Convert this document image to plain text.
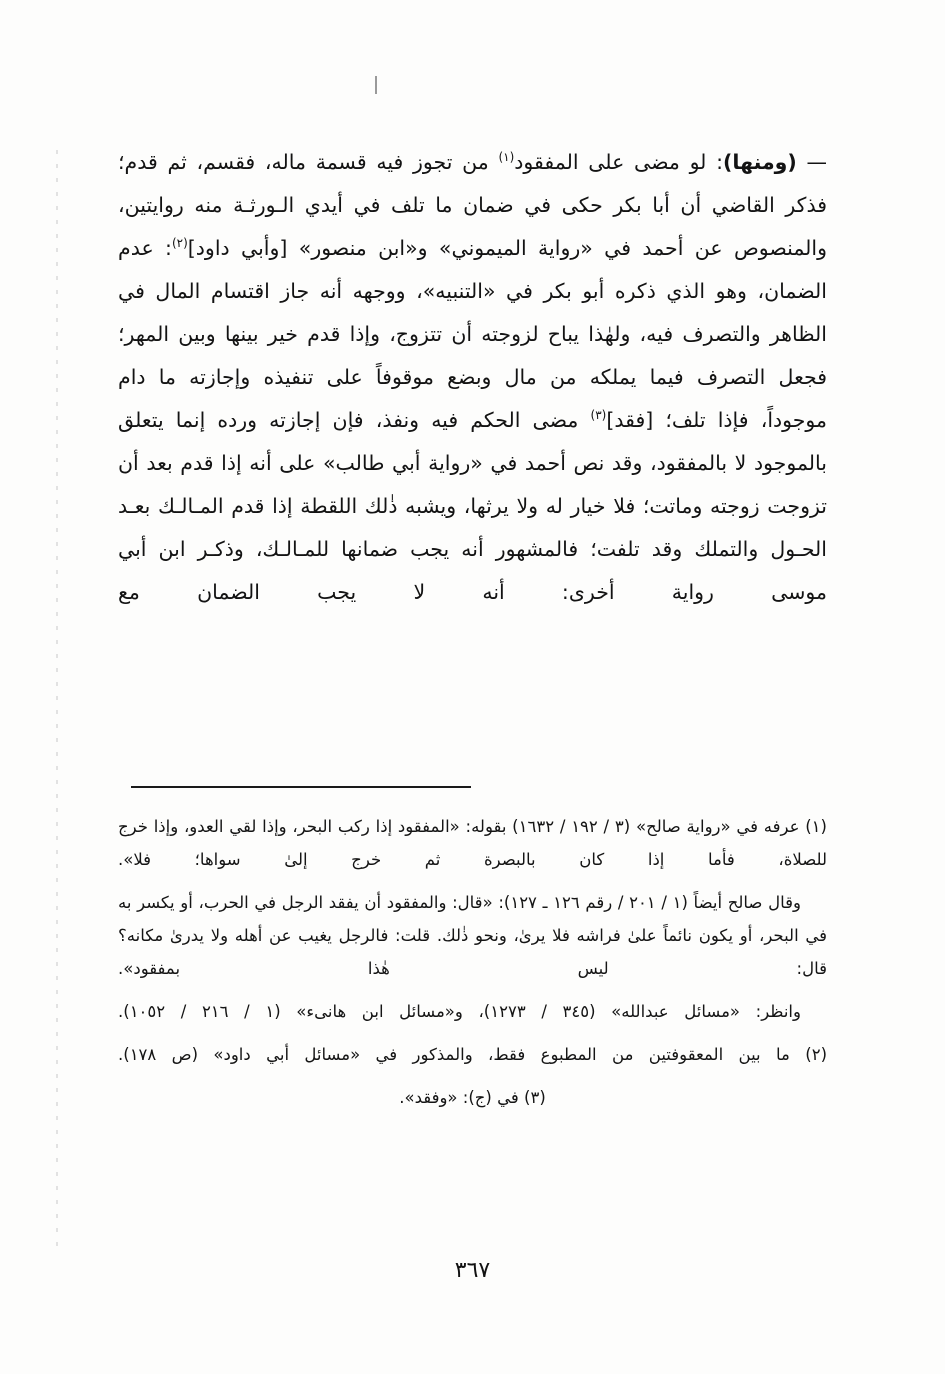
‏—‏ (ومنها): لو مضى على المفقود$^{(١)}$ من تجوز فيه قسمة ماله، فقسم، ثم قدم؛ فذكر القاضي أن أبا بكر حكى في ضمان ما تلف في أيدي الـورثـة منه روايتين، والمنصوص عن أحمد في «رواية الميموني» و«ابن منصور» [وأبي داود]$^{(٢)}$: عدم الضمان، وهو الذي ذكره أبو بكر في «التنبيه»، ووجهه أنه جاز اقتسام المال في الظاهر والتصرف فيه، ولهٰذا يباح لزوجته أن تتزوج، وإذا قدم خير بينها وبين المهر؛ فجعل التصرف فيما يملكه من مال وبضع موقوفاً على تنفيذه وإجازته ما دام موجوداً، فإذا تلف؛ [فقد]$^{(٣)}$ مضى الحكم فيه ونفذ، فإن إجازته ورده إنما يتعلق بالموجود لا بالمفقود، وقد نص أحمد في «رواية أبي طالب» على أنه إذا قدم بعد أن تزوجت زوجته وماتت؛ فلا خيار له ولا يرثها، ويشبه ذٰلك اللقطة إذا قدم المـالـك بعـد الحـول والتملك وقد تلفت؛ فالمشهور أنه يجب ضمانها للمـالـك، وذكـر ابن أبي موسى رواية أخرى: أنه لا يجب الضمان مع

(١) عرفه في «رواية صالح» (٣ / ١٩٢ / ١٦٣٢) بقوله: «المفقود إذا ركب البحر، وإذا لقي العدو، وإذا خرج للصلاة، فأما إذا كان بالبصرة ثم خرج إلىٰ سواها؛ فلا».

وقال صالح أيضاً (١ / ٢٠١ / رقم ١٢٦ ـ ١٢٧): «قال: والمفقود أن يفقد الرجل في الحرب، أو يكسر به في البحر، أو يكون نائماً علىٰ فراشه فلا يرىٰ، ونحو ذٰلك. قلت: فالرجل يغيب عن أهله ولا يدرىٰ مكانه؟ قال: ليس هٰذا بمفقود».

وانظر: «مسائل عبدالله» (٣٤٥ / ١٢٧٣)، و«مسائل ابن هانىء» (١ / ٢١٦ / ١٠٥٢).

(٢) ما بين المعقوفتين من المطبوع فقط، والمذكور في «مسائل أبي داود» (ص ١٧٨).

(٣) في (ج): «وفقد».

٣٦٧
